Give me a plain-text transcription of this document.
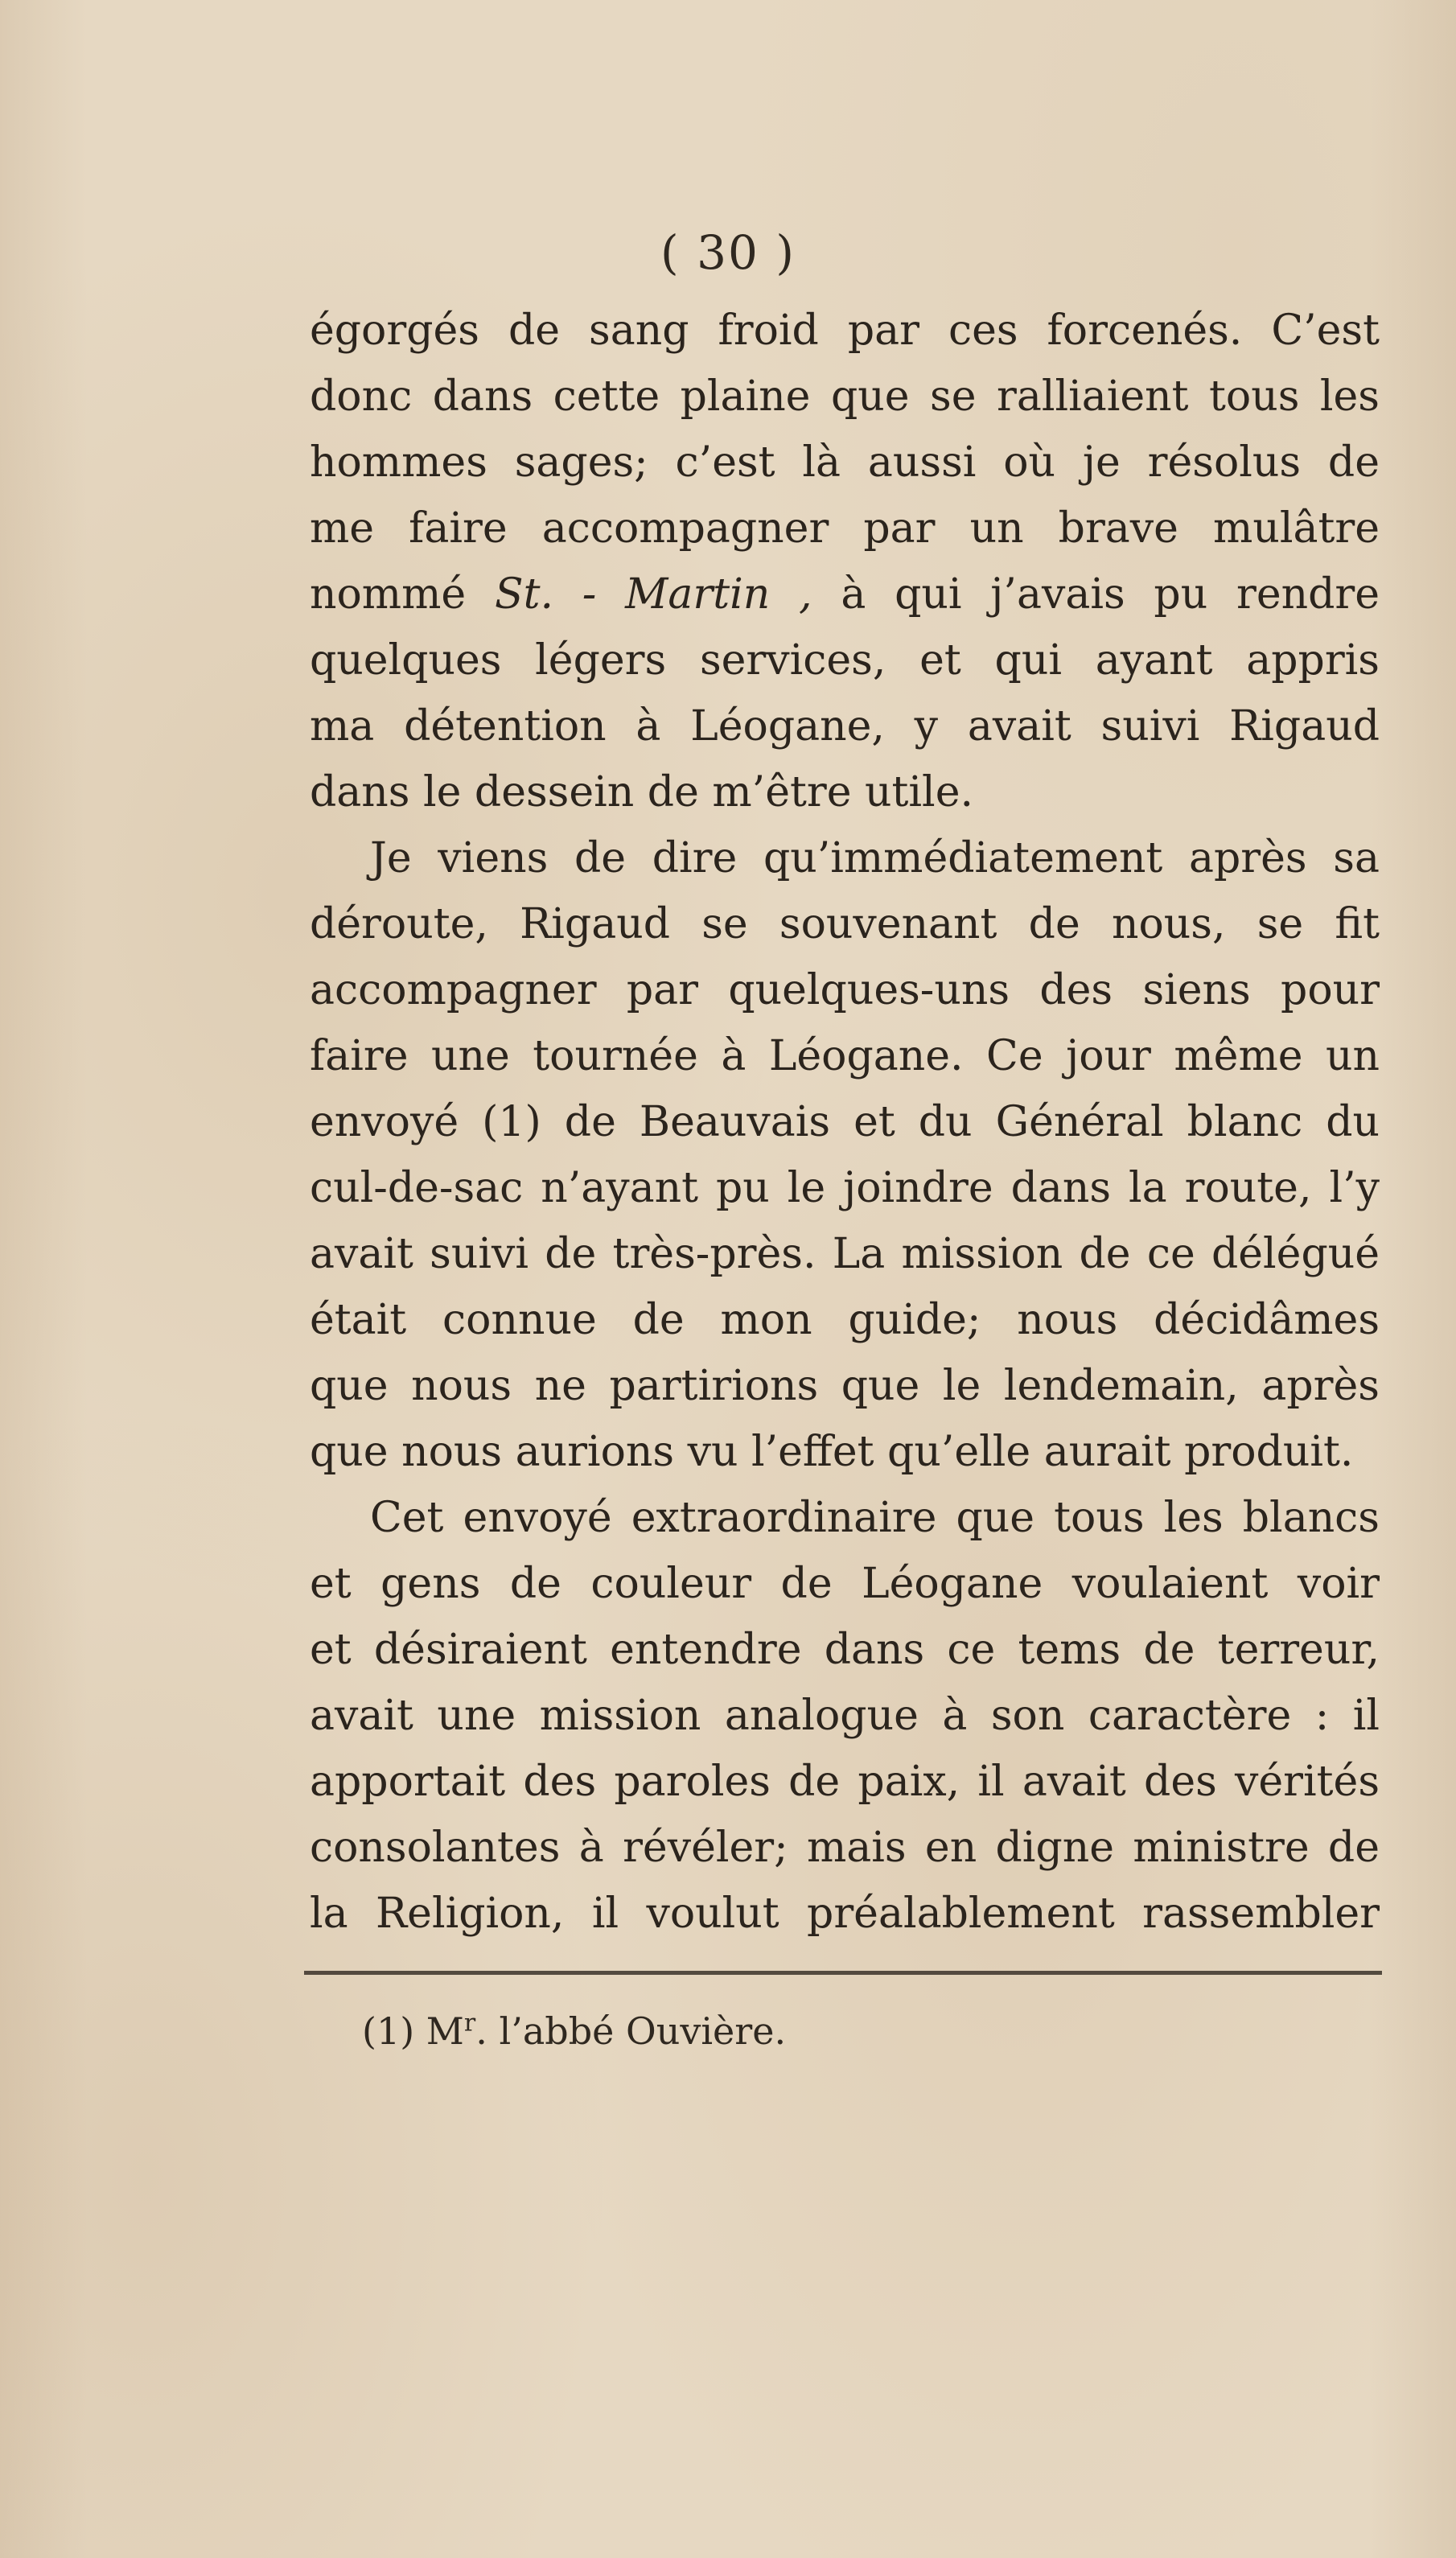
( 30 )
égorgés de sang froid par ces forcenés. C’est
donc dans cette plaine que se ralliaient tous les
hommes sages; c’est là aussi où je résolus de
me faire accompagner par un brave mulâtre
nommé St. - Martin , à qui j’avais pu rendre
quelques légers services, et qui ayant appris
ma détention à Léogane, y avait suivi Rigaud
dans le dessein de m’être utile.
Je viens de dire qu’immédiatement après sa
déroute, Rigaud se souvenant de nous, se fit
accompagner par quelques-uns des siens pour
faire une tournée à Léogane. Ce jour même un
envoyé (1) de Beauvais et du Général blanc du
cul-de-sac n’ayant pu le joindre dans la route, l’y
avait suivi de très-près. La mission de ce délégué
était connue de mon guide; nous décidâmes
que nous ne partirions que le lendemain, après
que nous aurions vu l’effet qu’elle aurait produit.
Cet envoyé extraordinaire que tous les blancs
et gens de couleur de Léogane voulaient voir
et désiraient entendre dans ce tems de terreur,
avait une mission analogue à son caractère : il
apportait des paroles de paix, il avait des vérités
consolantes à révéler; mais en digne ministre de
la Religion, il voulut préalablement rassembler
(1) $M^r$. l’abbé Ouvière.
